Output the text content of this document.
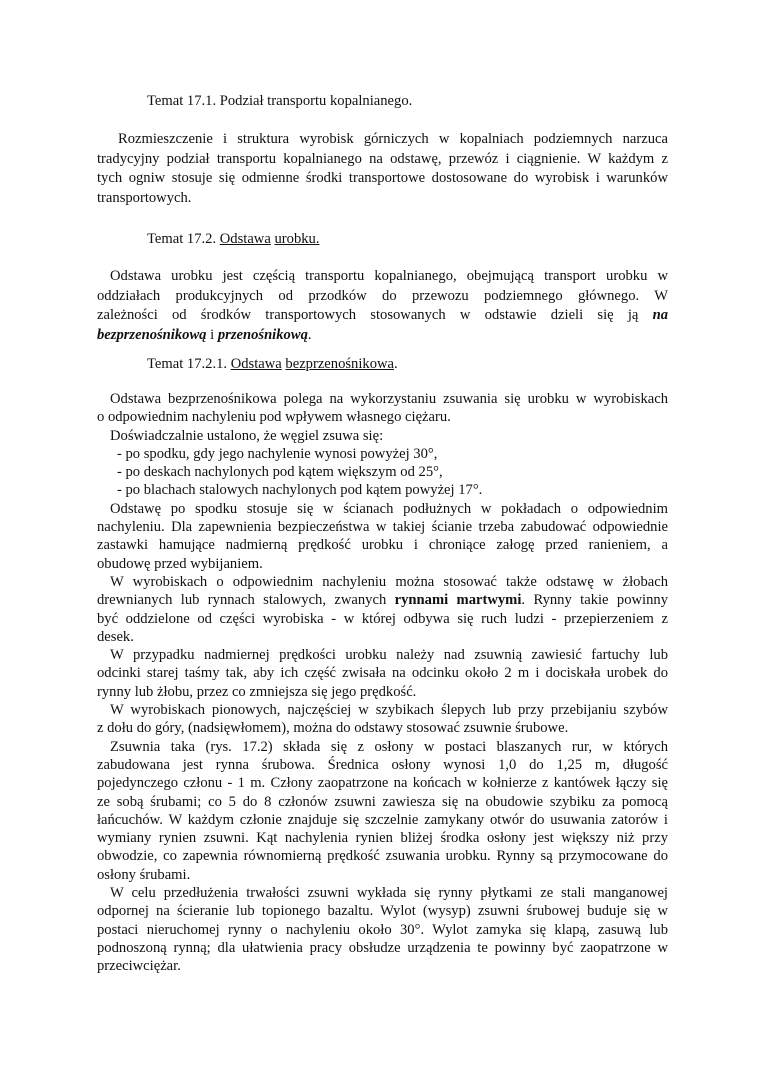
Temat 17.1. Podział transportu kopalnianego.
Rozmieszczenie i struktura wyrobisk górniczych w kopalniach podziemnych narzuca
tradycyjny podział transportu kopalnianego na odstawę, przewóz i ciągnienie. W każdym z
tych ogniw stosuje się odmienne środki transportowe dostosowane do wyrobisk i warunków
transportowych.
Temat 17.2. Odstawa urobku.
Odstawa urobku jest częścią transportu kopalnianego, obejmującą transport urobku w
oddziałach produkcyjnych od przodków do przewozu podziemnego głównego. W
zależności od środków transportowych stosowanych w odstawie dzieli się ją na
bezprzenośnikową i przenośnikową.
Temat 17.2.1. Odstawa bezprzenośnikowa.
Odstawa bezprzenośnikowa polega na wykorzystaniu zsuwania się urobku w wyrobiskach
o odpowiednim nachyleniu pod wpływem własnego ciężaru.
Doświadczalnie ustalono, że węgiel zsuwa się:
- po spodku, gdy jego nachylenie wynosi powyżej 30°,
- po deskach nachylonych pod kątem większym od 25°,
- po blachach stalowych nachylonych pod kątem powyżej 17°.
Odstawę po spodku stosuje się w ścianach podłużnych w pokładach o odpowiednim
nachyleniu. Dla zapewnienia bezpieczeństwa w takiej ścianie trzeba zabudować odpowiednie
zastawki hamujące nadmierną prędkość urobku i chroniące załogę przed ranieniem, a
obudowę przed wybijaniem.
W wyrobiskach o odpowiednim nachyleniu można stosować także odstawę w żłobach
drewnianych lub rynnach stalowych, zwanych rynnami martwymi. Rynny takie powinny
być oddzielone od części wyrobiska - w której odbywa się ruch ludzi - przepierzeniem z
desek.
W przypadku nadmiernej prędkości urobku należy nad zsuwnią zawiesić fartuchy lub
odcinki starej taśmy tak, aby ich część zwisała na odcinku około 2 m i dociskała urobek do
rynny lub żłobu, przez co zmniejsza się jego prędkość.
W wyrobiskach pionowych, najczęściej w szybikach ślepych lub przy przebijaniu szybów
z dołu do góry, (nadsięwłomem), można do odstawy stosować zsuwnie śrubowe.
Zsuwnia taka (rys. 17.2) składa się z osłony w postaci blaszanych rur, w których
zabudowana jest rynna śrubowa. Średnica osłony wynosi 1,0 do 1,25 m, długość
pojedynczego członu - 1 m. Człony zaopatrzone na końcach w kołnierze z kantówek łączy się
ze sobą śrubami; co 5 do 8 członów zsuwni zawiesza się na obudowie szybiku za pomocą
łańcuchów. W każdym członie znajduje się szczelnie zamykany otwór do usuwania zatorów i
wymiany rynien zsuwni. Kąt nachylenia rynien bliżej środka osłony jest większy niż przy
obwodzie, co zapewnia równomierną prędkość zsuwania urobku. Rynny są przymocowane do
osłony śrubami.
W celu przedłużenia trwałości zsuwni wykłada się rynny płytkami ze stali manganowej
odpornej na ścieranie lub topionego bazaltu. Wylot (wysyp) zsuwni śrubowej buduje się w
postaci nieruchomej rynny o nachyleniu około 30°. Wylot zamyka się klapą, zasuwą lub
podnoszoną rynną; dla ułatwienia pracy obsłudze urządzenia te powinny być zaopatrzone w
przeciwciężar.
